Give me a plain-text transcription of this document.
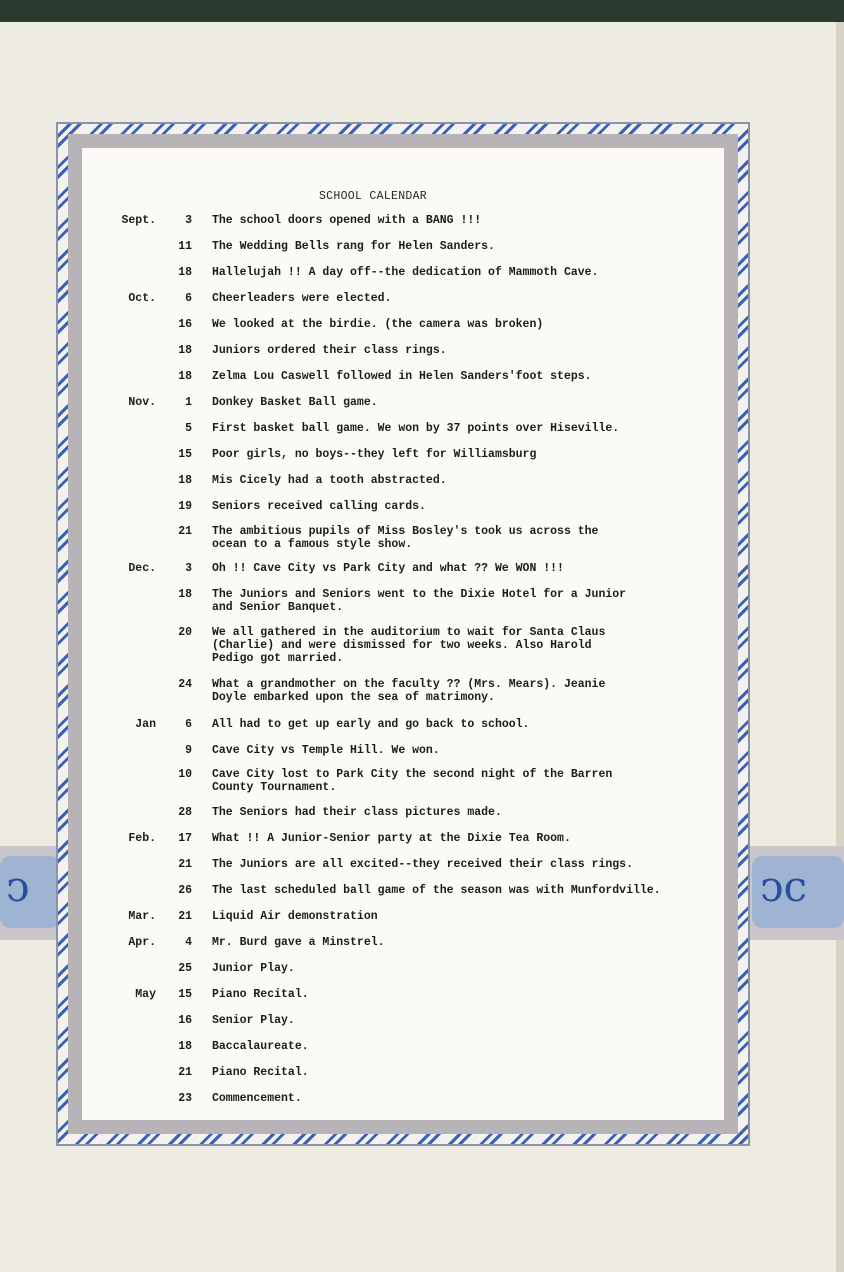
ↄ	ↄc
SCHOOL CALENDAR
Sept.	3 The school doors opened with a BANG !!!
11 The Wedding Bells rang for Helen Sanders.
18 Hallelujah !! A day off--the dedication of Mammoth Cave.
Oct.	6 Cheerleaders were elected.
16 We looked at the birdie. (the camera was broken)
18 Juniors ordered their class rings.
18 Zelma Lou Caswell followed in Helen Sanders'foot steps.
Nov.	1 Donkey Basket Ball game.
5 First basket ball game. We won by 37 points over Hiseville.
15 Poor girls, no boys--they left for Williamsburg
18 Mis Cicely had a tooth abstracted.
19 Seniors received calling cards.
21 The ambitious pupils of Miss Bosley's took us across the
ocean to a famous style show.
Dec.	3 Oh !! Cave City vs Park City and what ?? We WON !!!
18 The Juniors and Seniors went to the Dixie Hotel for a Junior
and Senior Banquet.
20 We all gathered in the auditorium to wait for Santa Claus
(Charlie) and were dismissed for two weeks. Also Harold
Pedigo got married.
24 What a grandmother on the faculty ?? (Mrs. Mears). Jeanie
Doyle embarked upon the sea of matrimony.
Jan	6 All had to get up early and go back to school.
9 Cave City vs Temple Hill. We won.
10 Cave City lost to Park City the second night of the Barren
County Tournament.
28 The Seniors had their class pictures made.
Feb.	17 What !! A Junior-Senior party at the Dixie Tea Room.
21 The Juniors are all excited--they received their class rings.
26 The last scheduled ball game of the season was with Munfordville.
Mar.	21 Liquid Air demonstration
Apr.	4 Mr. Burd gave a Minstrel.
25 Junior Play.
May	15 Piano Recital.
16 Senior Play.
18 Baccalaureate.
21 Piano Recital.
23 Commencement.
